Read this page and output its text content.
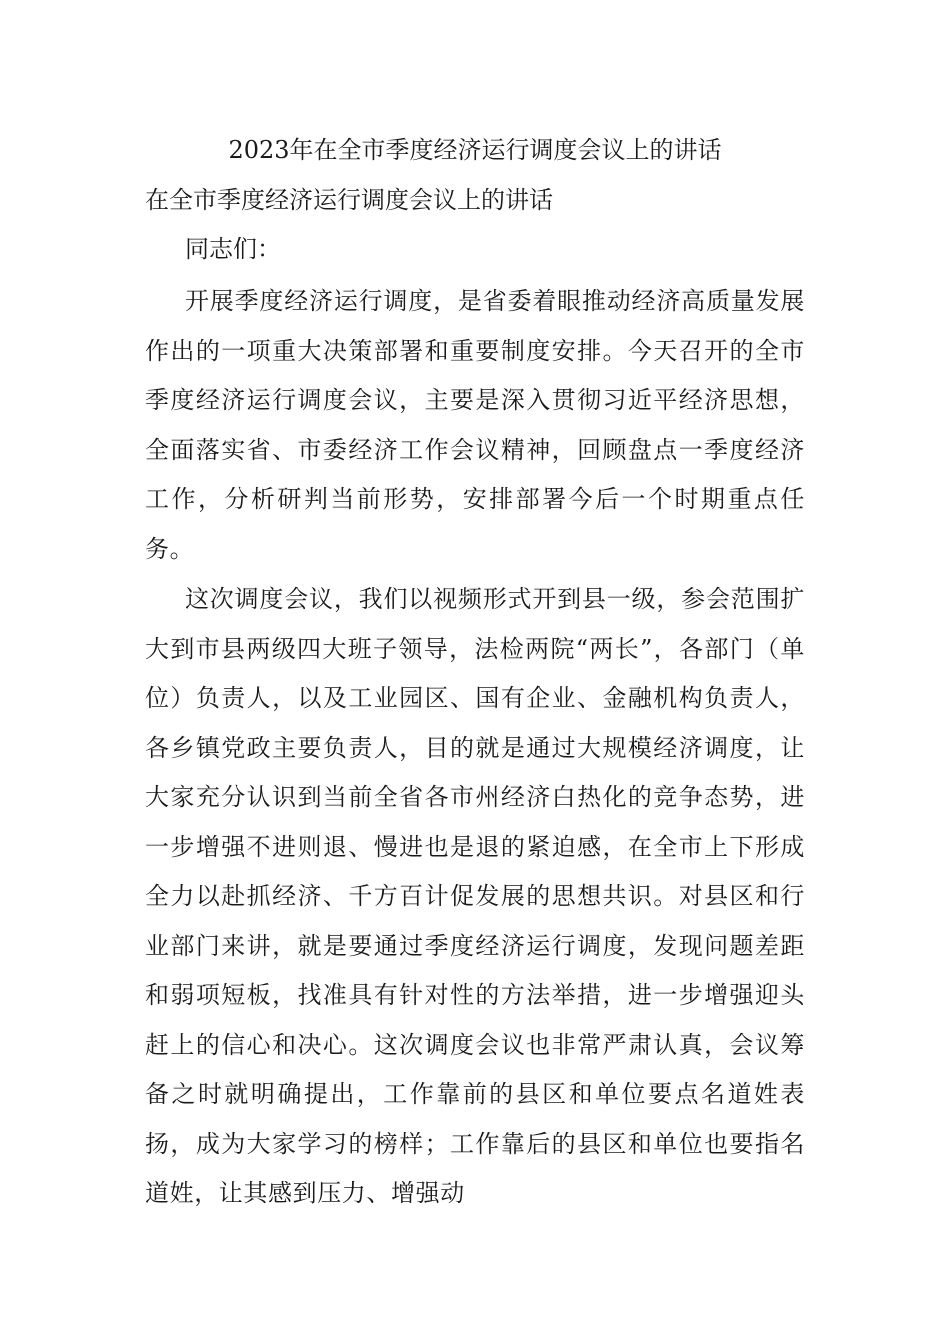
2023年在全市季度经济运行调度会议上的讲话

在全市季度经济运行调度会议上的讲话

同志们：

开展季度经济运行调度，是省委着眼推动经济高质量发展作出的一项重大决策部署和重要制度安排。今天召开的全市季度经济运行调度会议，主要是深入贯彻习近平经济思想，全面落实省、市委经济工作会议精神，回顾盘点一季度经济工作，分析研判当前形势，安排部署今后一个时期重点任务。

这次调度会议，我们以视频形式开到县一级，参会范围扩大到市县两级四大班子领导，法检两院“两长”，各部门（单位）负责人，以及工业园区、国有企业、金融机构负责人，各乡镇党政主要负责人，目的就是通过大规模经济调度，让大家充分认识到当前全省各市州经济白热化的竞争态势，进一步增强不进则退、慢进也是退的紧迫感，在全市上下形成全力以赴抓经济、千方百计促发展的思想共识。对县区和行业部门来讲，就是要通过季度经济运行调度，发现问题差距和弱项短板，找准具有针对性的方法举措，进一步增强迎头赶上的信心和决心。这次调度会议也非常严肃认真，会议筹备之时就明确提出，工作靠前的县区和单位要点名道姓表扬，成为大家学习的榜样；工作靠后的县区和单位也要指名道姓，让其感到压力、增强动
